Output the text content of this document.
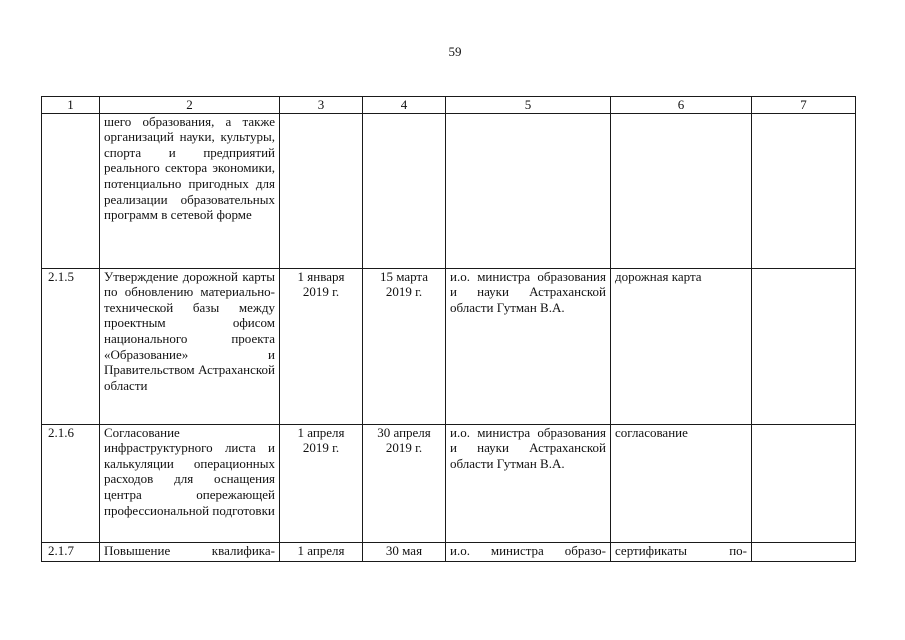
59
1	2	3	4	5	6	7
	шего образования, а также организаций науки, культуры, спорта и предприятий реального сектора экономики, потенциально пригодных для реализации образовательных программ в сетевой форме					
2.1.5	Утверждение дорожной карты по обновлению материально-технической базы между проектным офисом национального проекта «Образование» и Правительством Астраханской области	1 января 2019 г.	15 марта 2019 г.	и.о. министра образования и науки Астраханской области Гутман В.А.	дорожная карта	
2.1.6	Согласование инфраструктурного листа и калькуляции операционных расходов для оснащения центра опережающей профессиональной подготовки	1 апреля 2019 г.	30 апреля 2019 г.	и.о. министра образования и науки Астраханской области Гутман В.А.	согласование	

2.1.7	Повышение квалифика-	1 апреля	30 мая	и.о. министра образо-	сертификаты по-	
